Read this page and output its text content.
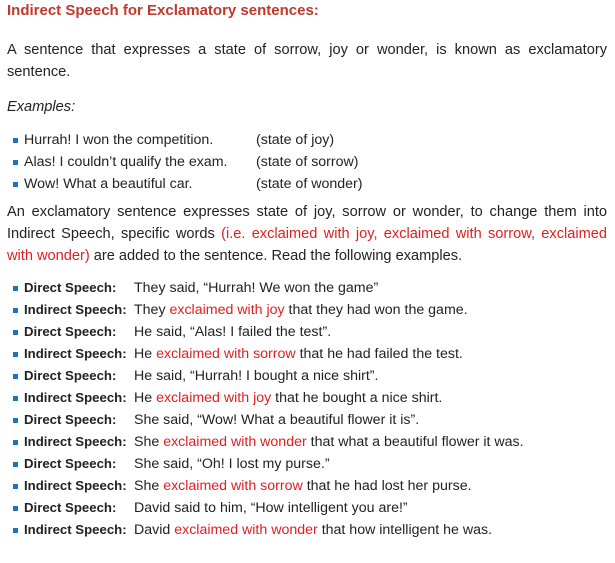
Indirect Speech for Exclamatory sentences:

A sentence that expresses a state of sorrow, joy or wonder, is known as exclamatory sentence.

Examples:

Hurrah! I won the competition.	(state of joy)
Alas! I couldn’t qualify the exam.	(state of sorrow)
Wow! What a beautiful car.	(state of wonder)

An exclamatory sentence expresses state of joy, sorrow or wonder, to change them into Indirect Speech, specific words (i.e. exclaimed with joy, exclaimed with sorrow, exclaimed with wonder) are added to the sentence. Read the following examples.

Direct Speech:	They said, “Hurrah! We won the game”
Indirect Speech: They exclaimed with joy that they had won the game.
Direct Speech:	He said, “Alas! I failed the test”.
Indirect Speech: He exclaimed with sorrow that he had failed the test.
Direct Speech:	He said, “Hurrah! I bought a nice shirt”.
Indirect Speech: He exclaimed with joy that he bought a nice shirt.
Direct Speech:	She said, “Wow! What a beautiful flower it is”.
Indirect Speech: She exclaimed with wonder that what a beautiful flower it was.
Direct Speech:	She said, “Oh! I lost my purse.”
Indirect Speech: She exclaimed with sorrow that he had lost her purse.
Direct Speech:	David said to him, “How intelligent you are!”
Indirect Speech: David exclaimed with wonder that how intelligent he was.
